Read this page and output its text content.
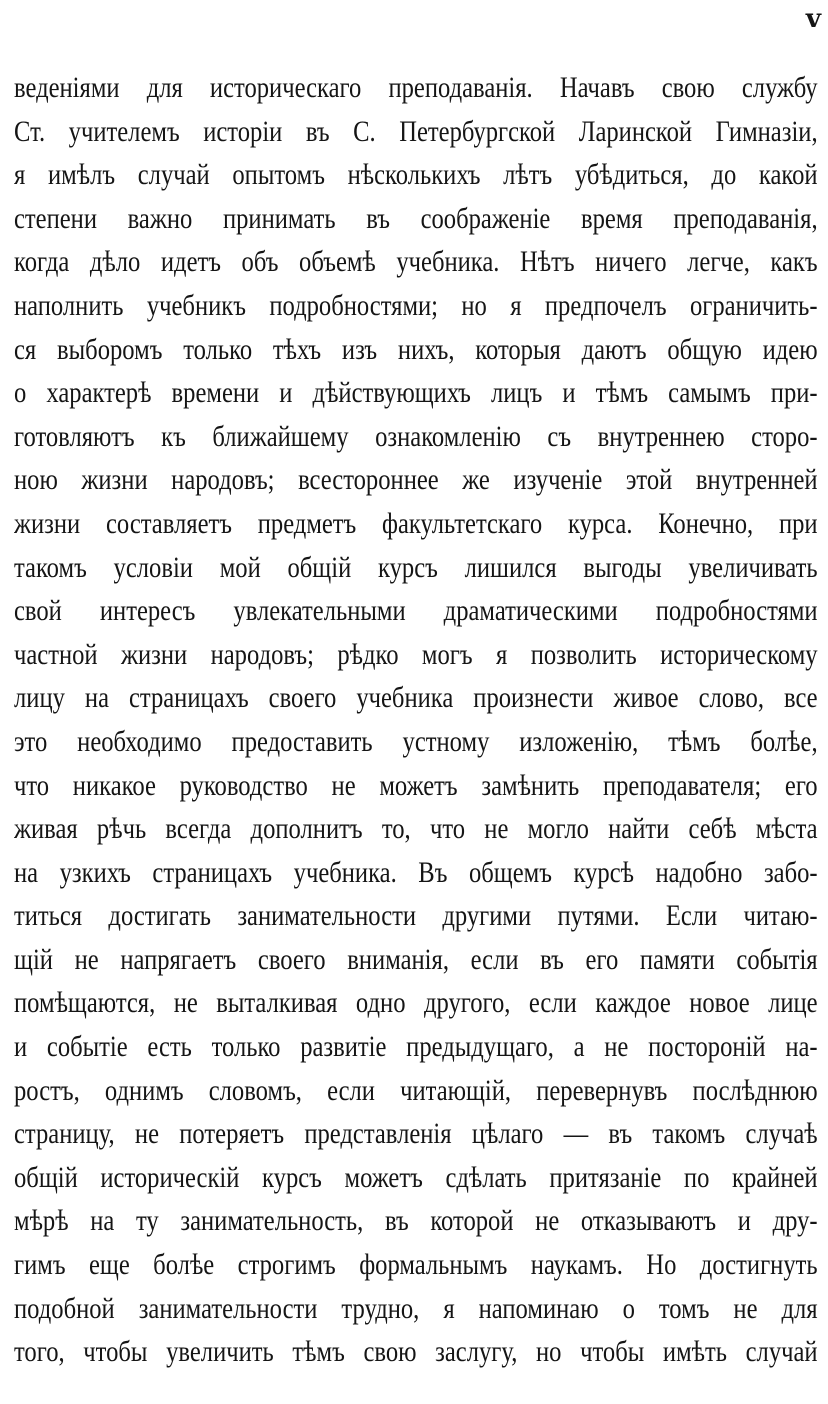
v
веденiями для историческаго преподаванiя. Начавъ свою службу
Ст. учителемъ исторiи въ С. Петербургской Ларинской Гимназiи,
я имѣлъ случай опытомъ нѣсколькихъ лѣтъ убѣдиться, до какой
степени важно принимать въ соображенiе время преподаванiя,
когда дѣло идетъ объ объемѣ учебника. Нѣтъ ничего легче, какъ
наполнить учебникъ подробностями; но я предпочелъ ограничить-
ся выборомъ только тѣхъ изъ нихъ, которыя даютъ общую идею
о характерѣ времени и дѣйствующихъ лицъ и тѣмъ самымъ при-
готовляютъ къ ближайшему ознакомленiю съ внутреннею сторо-
ною жизни народовъ; всестороннее же изученiе этой внутренней
жизни составляетъ предметъ факультетскаго курса. Конечно, при
такомъ условiи мой общiй курсъ лишился выгоды увеличивать
свой интересъ увлекательными драматическими подробностями
частной жизни народовъ; рѣдко могъ я позволить историческому
лицу на страницахъ своего учебника произнести живое слово, все
это необходимо предоставить устному изложенiю, тѣмъ болѣе,
что никакое руководство не можетъ замѣнить преподавателя; его
живая рѣчь всегда дополнитъ то, что не могло найти себѣ мѣста
на узкихъ страницахъ учебника. Въ общемъ курсѣ надобно забо-
титься достигать занимательности другими путями. Если читаю-
щiй не напрягаетъ своего вниманiя, если въ его памяти событiя
помѣщаются, не выталкивая одно другого, если каждое новое лице
и событiе есть только развитiе предыдущаго, а не посторонiй на-
ростъ, однимъ словомъ, если читающiй, перевернувъ послѣднюю
страницу, не потеряетъ представленiя цѣлаго — въ такомъ случаѣ
общiй историческiй курсъ можетъ сдѣлать притязанiе по крайней
мѣрѣ на ту занимательность, въ которой не отказываютъ и дру-
гимъ еще болѣе строгимъ формальнымъ наукамъ. Но достигнуть
подобной занимательности трудно, я напоминаю о томъ не для
того, чтобы увеличить тѣмъ свою заслугу, но чтобы имѣть случай
